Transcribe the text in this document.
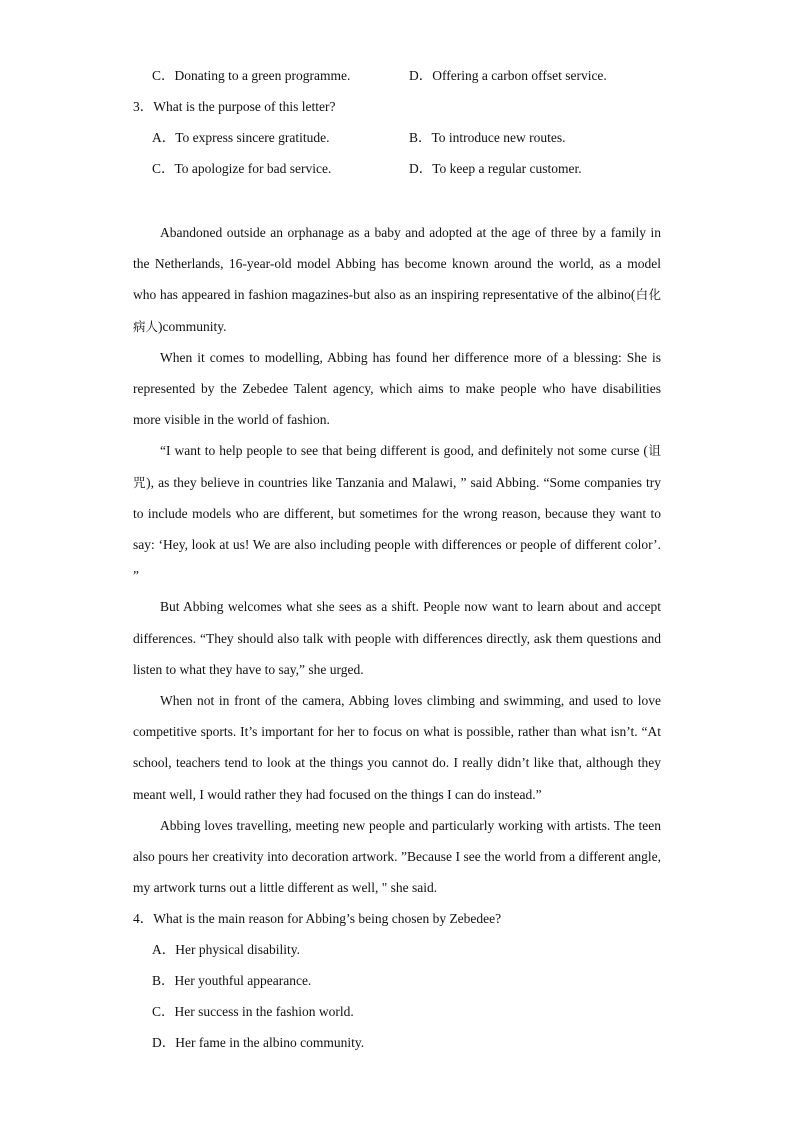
C．Donating to a green programme.	D．Offering a carbon offset service.
3．What is the purpose of this letter?
A．To express sincere gratitude.	B．To introduce new routes.
C．To apologize for bad service.	D．To keep a regular customer.

Abandoned outside an orphanage as a baby and adopted at the age of three by a family in the Netherlands, 16-year-old model Abbing has become known around the world, as a model who has appeared in fashion magazines-but also as an inspiring representative of the albino(白化病人)community.

When it comes to modelling, Abbing has found her difference more of a blessing: She is represented by the Zebedee Talent agency, which aims to make people who have disabilities more visible in the world of fashion.

“I want to help people to see that being different is good, and definitely not some curse (诅咒), as they believe in countries like Tanzania and Malawi, ” said Abbing. “Some companies try to include models who are different, but sometimes for the wrong reason, because they want to say: ‘Hey, look at us! We are also including people with differences or people of different color’. ”

But Abbing welcomes what she sees as a shift. People now want to learn about and accept differences. “They should also talk with people with differences directly, ask them questions and listen to what they have to say,” she urged.

When not in front of the camera, Abbing loves climbing and swimming, and used to love competitive sports. It’s important for her to focus on what is possible, rather than what isn’t. “At school, teachers tend to look at the things you cannot do. I really didn’t like that, although they meant well, I would rather they had focused on the things I can do instead.”

Abbing loves travelling, meeting new people and particularly working with artists. The teen also pours her creativity into decoration artwork. ”Because I see the world from a different angle, my artwork turns out a little different as well, " she said.

4．What is the main reason for Abbing’s being chosen by Zebedee?
A．Her physical disability.
B．Her youthful appearance.
C．Her success in the fashion world.
D．Her fame in the albino community.
